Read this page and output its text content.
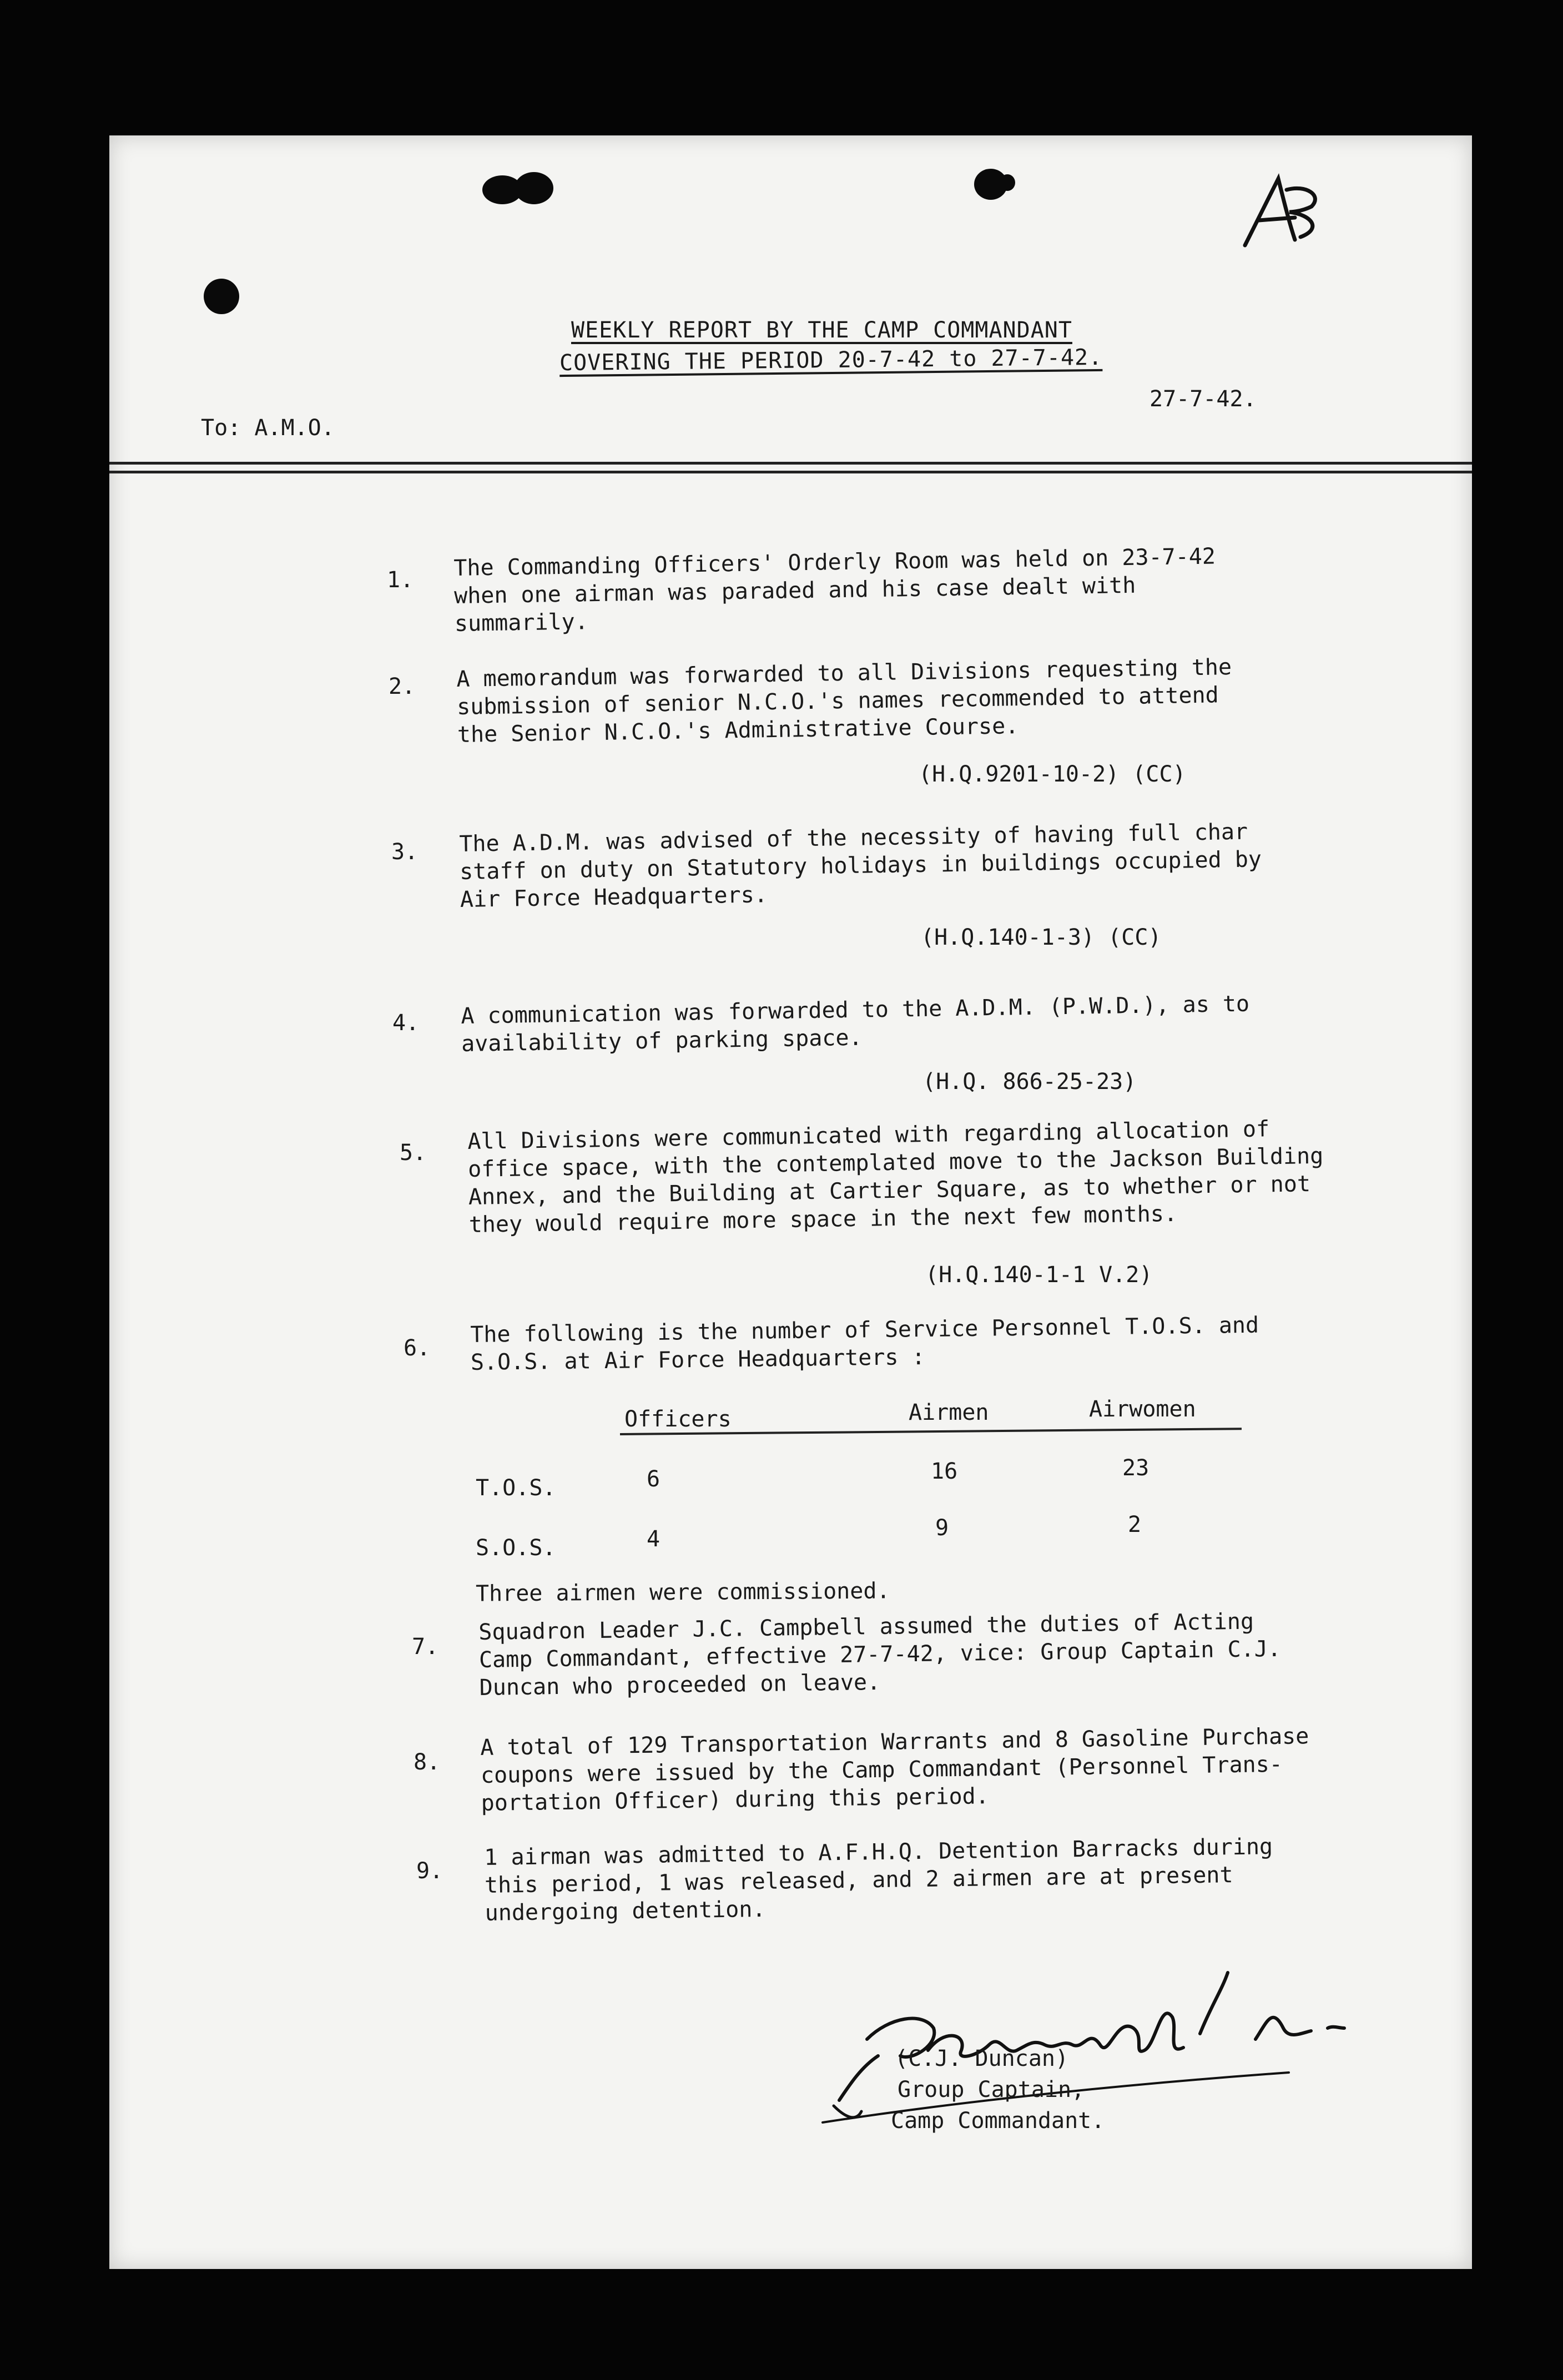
WEEKLY REPORT BY THE CAMP COMMANDANT
COVERING THE PERIOD 20-7-42 to 27-7-42.
27-7-42.
To: A.M.O.
1. The Commanding Officers' Orderly Room was held on 23-7-42
when one airman was paraded and his case dealt with
summarily.
2. A memorandum was forwarded to all Divisions requesting the
submission of senior N.C.O.'s names recommended to attend
the Senior N.C.O.'s Administrative Course.
(H.Q.9201-10-2) (CC)
3. The A.D.M. was advised of the necessity of having full char
staff on duty on Statutory holidays in buildings occupied by
Air Force Headquarters.
(H.Q.140-1-3) (CC)
4. A communication was forwarded to the A.D.M. (P.W.D.), as to
availability of parking space.
(H.Q. 866-25-23)
5. All Divisions were communicated with regarding allocation of
office space, with the contemplated move to the Jackson Building
Annex, and the Building at Cartier Square, as to whether or not
they would require more space in the next few months.
(H.Q.140-1-1 V.2)
6.
The following is the number of Service Personnel T.O.S. and
S.O.S. at Air Force Headquarters :
Officers	Airmen	Airwomen
T.O.S.	6	16	23
S.O.S.	4	9	2
Three airmen were commissioned.
7.
Squadron Leader J.C. Campbell assumed the duties of Acting
Camp Commandant, effective 27-7-42, vice: Group Captain C.J.
Duncan who proceeded on leave.
8.
A total of 129 Transportation Warrants and 8 Gasoline Purchase
coupons were issued by the Camp Commandant (Personnel Trans-
portation Officer) during this period.
9.
1 airman was admitted to A.F.H.Q. Detention Barracks during
this period, 1 was released, and 2 airmen are at present
undergoing detention.
(C.J. Duncan)
Group Captain,
Camp Commandant.
